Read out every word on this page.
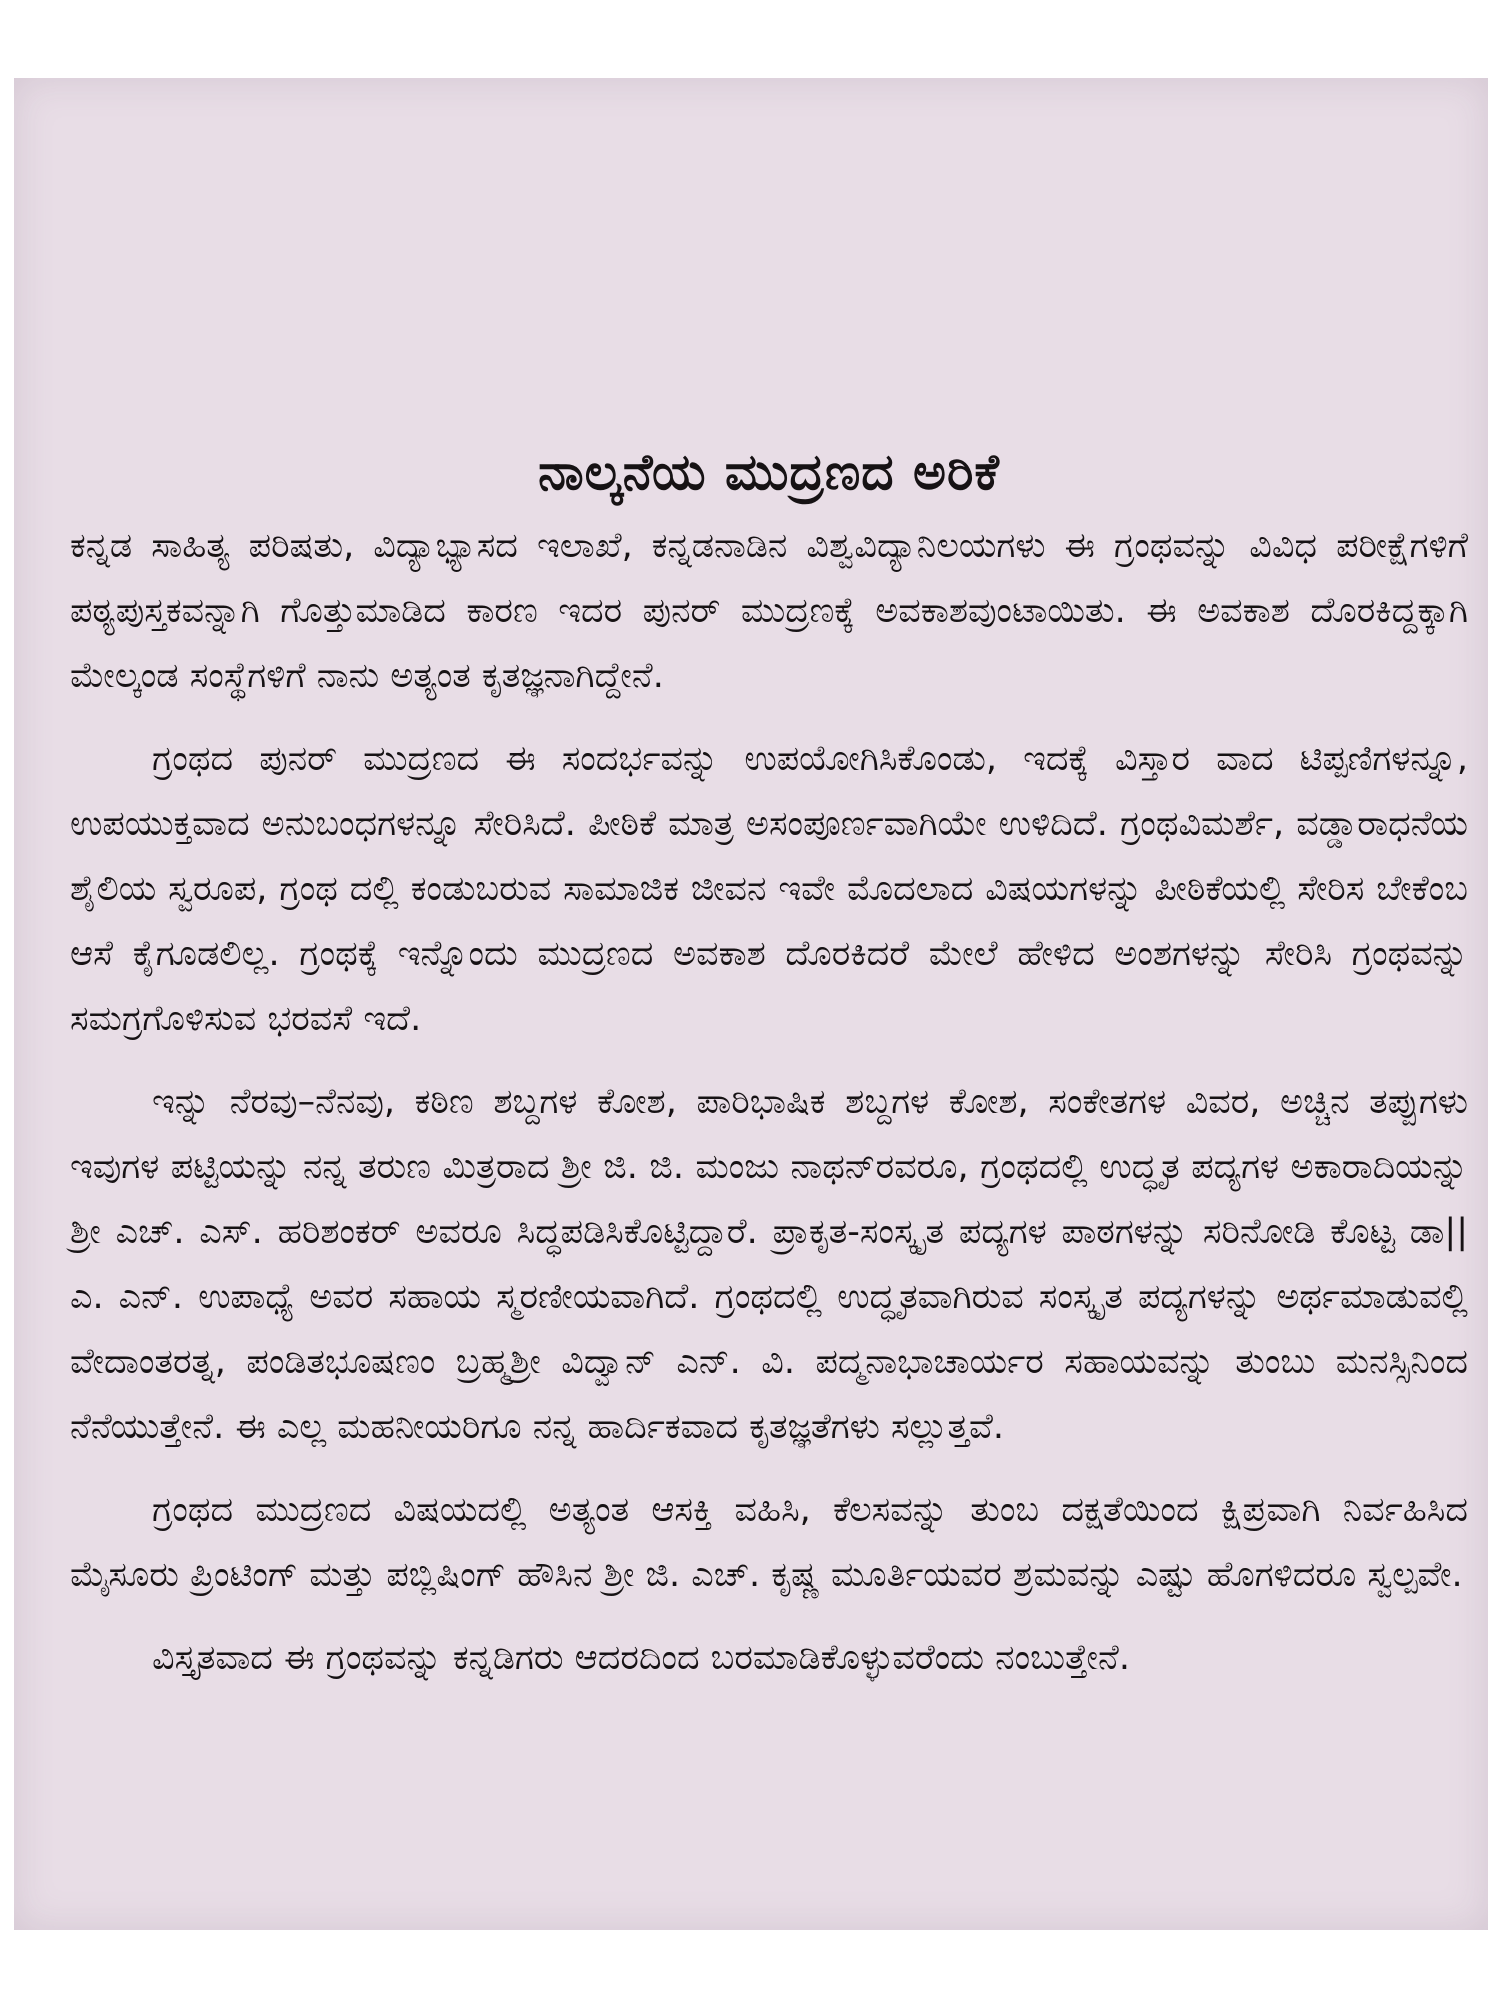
ನಾಲ್ಕನೆಯ ಮುದ್ರಣದ ಅರಿಕೆ

ಕನ್ನಡ ಸಾಹಿತ್ಯ ಪರಿಷತು, ವಿದ್ಯಾಭ್ಯಾಸದ ಇಲಾಖೆ, ಕನ್ನಡನಾಡಿನ ವಿಶ್ವವಿದ್ಯಾನಿಲಯಗಳು ಈ ಗ್ರಂಥವನ್ನು ವಿವಿಧ ಪರೀಕ್ಷೆಗಳಿಗೆ ಪಠ್ಯಪುಸ್ತಕವನ್ನಾಗಿ ಗೊತ್ತುಮಾಡಿದ ಕಾರಣ ಇದರ ಪುನರ್ ಮುದ್ರಣಕ್ಕೆ ಅವಕಾಶವುಂಟಾಯಿತು. ಈ ಅವಕಾಶ ದೊರಕಿದ್ದಕ್ಕಾಗಿ ಮೇಲ್ಕಂಡ ಸಂಸ್ಥೆಗಳಿಗೆ ನಾನು ಅತ್ಯಂತ ಕೃತಜ್ಞನಾಗಿದ್ದೇನೆ.

ಗ್ರಂಥದ ಪುನರ್ ಮುದ್ರಣದ ಈ ಸಂದರ್ಭವನ್ನು ಉಪಯೋಗಿಸಿಕೊಂಡು, ಇದಕ್ಕೆ ವಿಸ್ತಾರ ವಾದ ಟಿಪ್ಪಣಿಗಳನ್ನೂ, ಉಪಯುಕ್ತವಾದ ಅನುಬಂಧಗಳನ್ನೂ ಸೇರಿಸಿದೆ. ಪೀಠಿಕೆ ಮಾತ್ರ ಅಸಂಪೂರ್ಣವಾಗಿಯೇ ಉಳಿದಿದೆ. ಗ್ರಂಥವಿಮರ್ಶೆ, ವಡ್ಡಾರಾಧನೆಯ ಶೈಲಿಯ ಸ್ವರೂಪ, ಗ್ರಂಥ ದಲ್ಲಿ ಕಂಡುಬರುವ ಸಾಮಾಜಿಕ ಜೀವನ ಇವೇ ಮೊದಲಾದ ವಿಷಯಗಳನ್ನು ಪೀಠಿಕೆಯಲ್ಲಿ ಸೇರಿಸ ಬೇಕೆಂಬ ಆಸೆ ಕೈಗೂಡಲಿಲ್ಲ. ಗ್ರಂಥಕ್ಕೆ ಇನ್ನೊಂದು ಮುದ್ರಣದ ಅವಕಾಶ ದೊರಕಿದರೆ ಮೇಲೆ ಹೇಳಿದ ಅಂಶಗಳನ್ನು ಸೇರಿಸಿ ಗ್ರಂಥವನ್ನು ಸಮಗ್ರಗೊಳಿಸುವ ಭರವಸೆ ಇದೆ.

ಇನ್ನು ನೆರವು–ನೆನವು, ಕಠಿಣ ಶಬ್ದಗಳ ಕೋಶ, ಪಾರಿಭಾಷಿಕ ಶಬ್ದಗಳ ಕೋಶ, ಸಂಕೇತಗಳ ವಿವರ, ಅಚ್ಚಿನ ತಪ್ಪುಗಳು ಇವುಗಳ ಪಟ್ಟಿಯನ್ನು ನನ್ನ ತರುಣ ಮಿತ್ರರಾದ ಶ್ರೀ ಜಿ. ಜಿ. ಮಂಜು ನಾಥನ್‌ರವರೂ, ಗ್ರಂಥದಲ್ಲಿ ಉದ್ಧೃತ ಪದ್ಯಗಳ ಅಕಾರಾದಿಯನ್ನು ಶ್ರೀ ಎಚ್. ಎಸ್. ಹರಿಶಂಕರ್ ಅವರೂ ಸಿದ್ಧಪಡಿಸಿಕೊಟ್ಟಿದ್ದಾರೆ. ಪ್ರಾಕೃತ-ಸಂಸ್ಕೃತ ಪದ್ಯಗಳ ಪಾಠಗಳನ್ನು ಸರಿನೋಡಿ ಕೊಟ್ಟ ಡಾ|| ಎ. ಎನ್. ಉಪಾಧ್ಯೆ ಅವರ ಸಹಾಯ ಸ್ಮರಣೀಯವಾಗಿದೆ. ಗ್ರಂಥದಲ್ಲಿ ಉದ್ಧೃತವಾಗಿರುವ ಸಂಸ್ಕೃತ ಪದ್ಯಗಳನ್ನು ಅರ್ಥಮಾಡುವಲ್ಲಿ ವೇದಾಂತರತ್ನ, ಪಂಡಿತಭೂಷಣಂ ಬ್ರಹ್ಮಶ್ರೀ ವಿದ್ವಾನ್ ಎನ್. ವಿ. ಪದ್ಮನಾಭಾಚಾರ್ಯರ ಸಹಾಯವನ್ನು ತುಂಬು ಮನಸ್ಸಿನಿಂದ ನೆನೆಯುತ್ತೇನೆ. ಈ ಎಲ್ಲ ಮಹನೀಯರಿಗೂ ನನ್ನ ಹಾರ್ದಿಕವಾದ ಕೃತಜ್ಞತೆಗಳು ಸಲ್ಲುತ್ತವೆ.

ಗ್ರಂಥದ ಮುದ್ರಣದ ವಿಷಯದಲ್ಲಿ ಅತ್ಯಂತ ಆಸಕ್ತಿ ವಹಿಸಿ, ಕೆಲಸವನ್ನು ತುಂಬ ದಕ್ಷತೆಯಿಂದ ಕ್ಷಿಪ್ರವಾಗಿ ನಿರ್ವಹಿಸಿದ ಮೈಸೂರು ಪ್ರಿಂಟಿಂಗ್ ಮತ್ತು ಪಬ್ಲಿಷಿಂಗ್ ಹೌಸಿನ ಶ್ರೀ ಜಿ. ಎಚ್. ಕೃಷ್ಣ ಮೂರ್ತಿಯವರ ಶ್ರಮವನ್ನು ಎಷ್ಟು ಹೊಗಳಿದರೂ ಸ್ವಲ್ಪವೇ.

ವಿಸ್ತೃತವಾದ ಈ ಗ್ರಂಥವನ್ನು ಕನ್ನಡಿಗರು ಆದರದಿಂದ ಬರಮಾಡಿಕೊಳ್ಳುವರೆಂದು ನಂಬುತ್ತೇನೆ.
